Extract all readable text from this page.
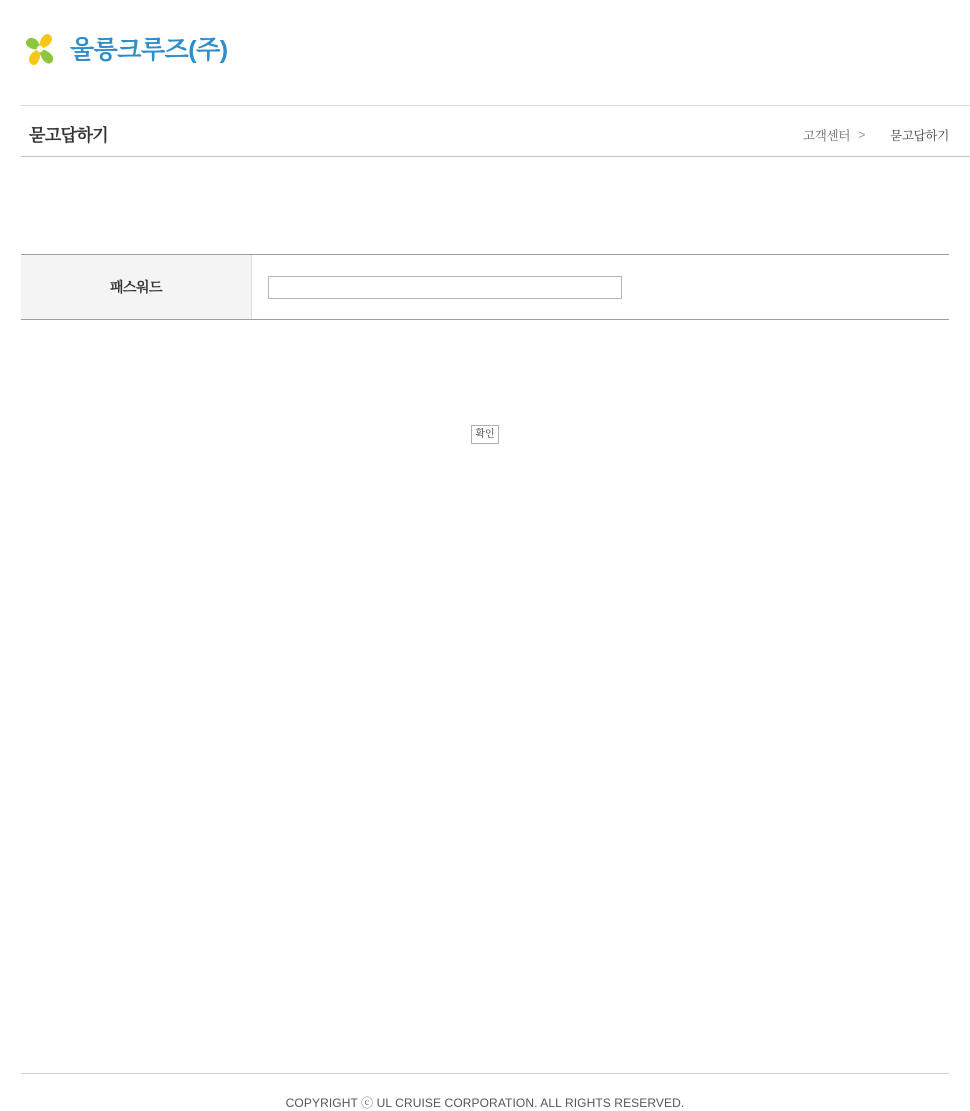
울릉크루즈(주)
묻고답하기	고객센터 > 묻고답하기
패스워드
확인
COPYRIGHT ⓒ UL CRUISE CORPORATION. ALL RIGHTS RESERVED.
